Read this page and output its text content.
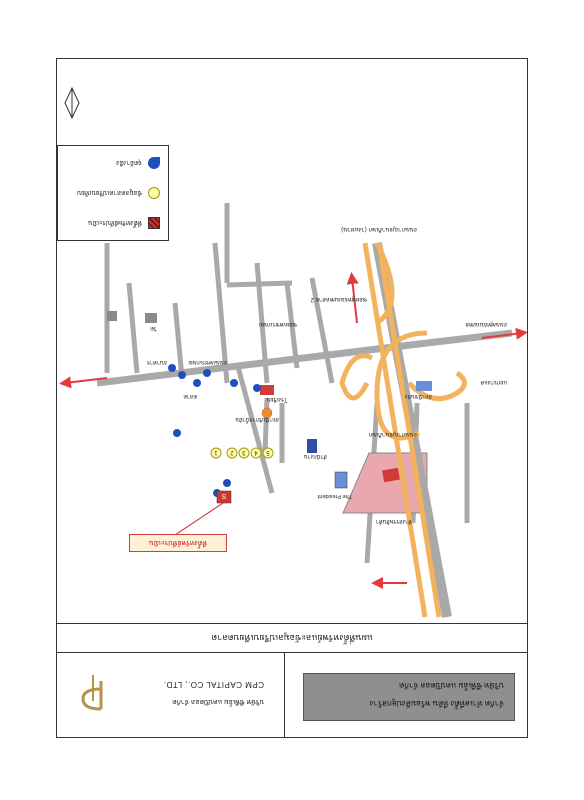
จำกัด ทำเลที่ตั้ง ที่ดิน พร้อมสิ่งปลูกสร้าง
บริษัท ซีพีเอ็ม แคปปิตอล จำกัด
บริษัท ซีพีเอ็ม แคปปิตอล จำกัด
CPM CAPITAL CO., LTD.
แผนที่ตั้งทรัพย์และข้อมูลเปรียบเทียบตลาด
1 2 3 4 5
S
ถนนเพชรเกษม
ถนนพุทธมณฑล
ถนนกาญจนาภิเษก
ถนนกาญจนาภิเษก (วงแหวน)
ซอยพุทธมณฑลสาย 2
ซอยเพชรเกษม
The President
ห้างสรรพสินค้า
สถานีบริการน้ำมัน
โรงเรียน
แยกบางแค
ตลาด
ธนาคาร
วัด
สำนักงาน
สถานีขนส่ง
ที่ตั้งทรัพย์ที่ประเมิน
ข้อมูลตลาดเปรียบเทียบ
จุดอ้างอิง
ที่ตั้งทรัพย์ที่ประเมิน
